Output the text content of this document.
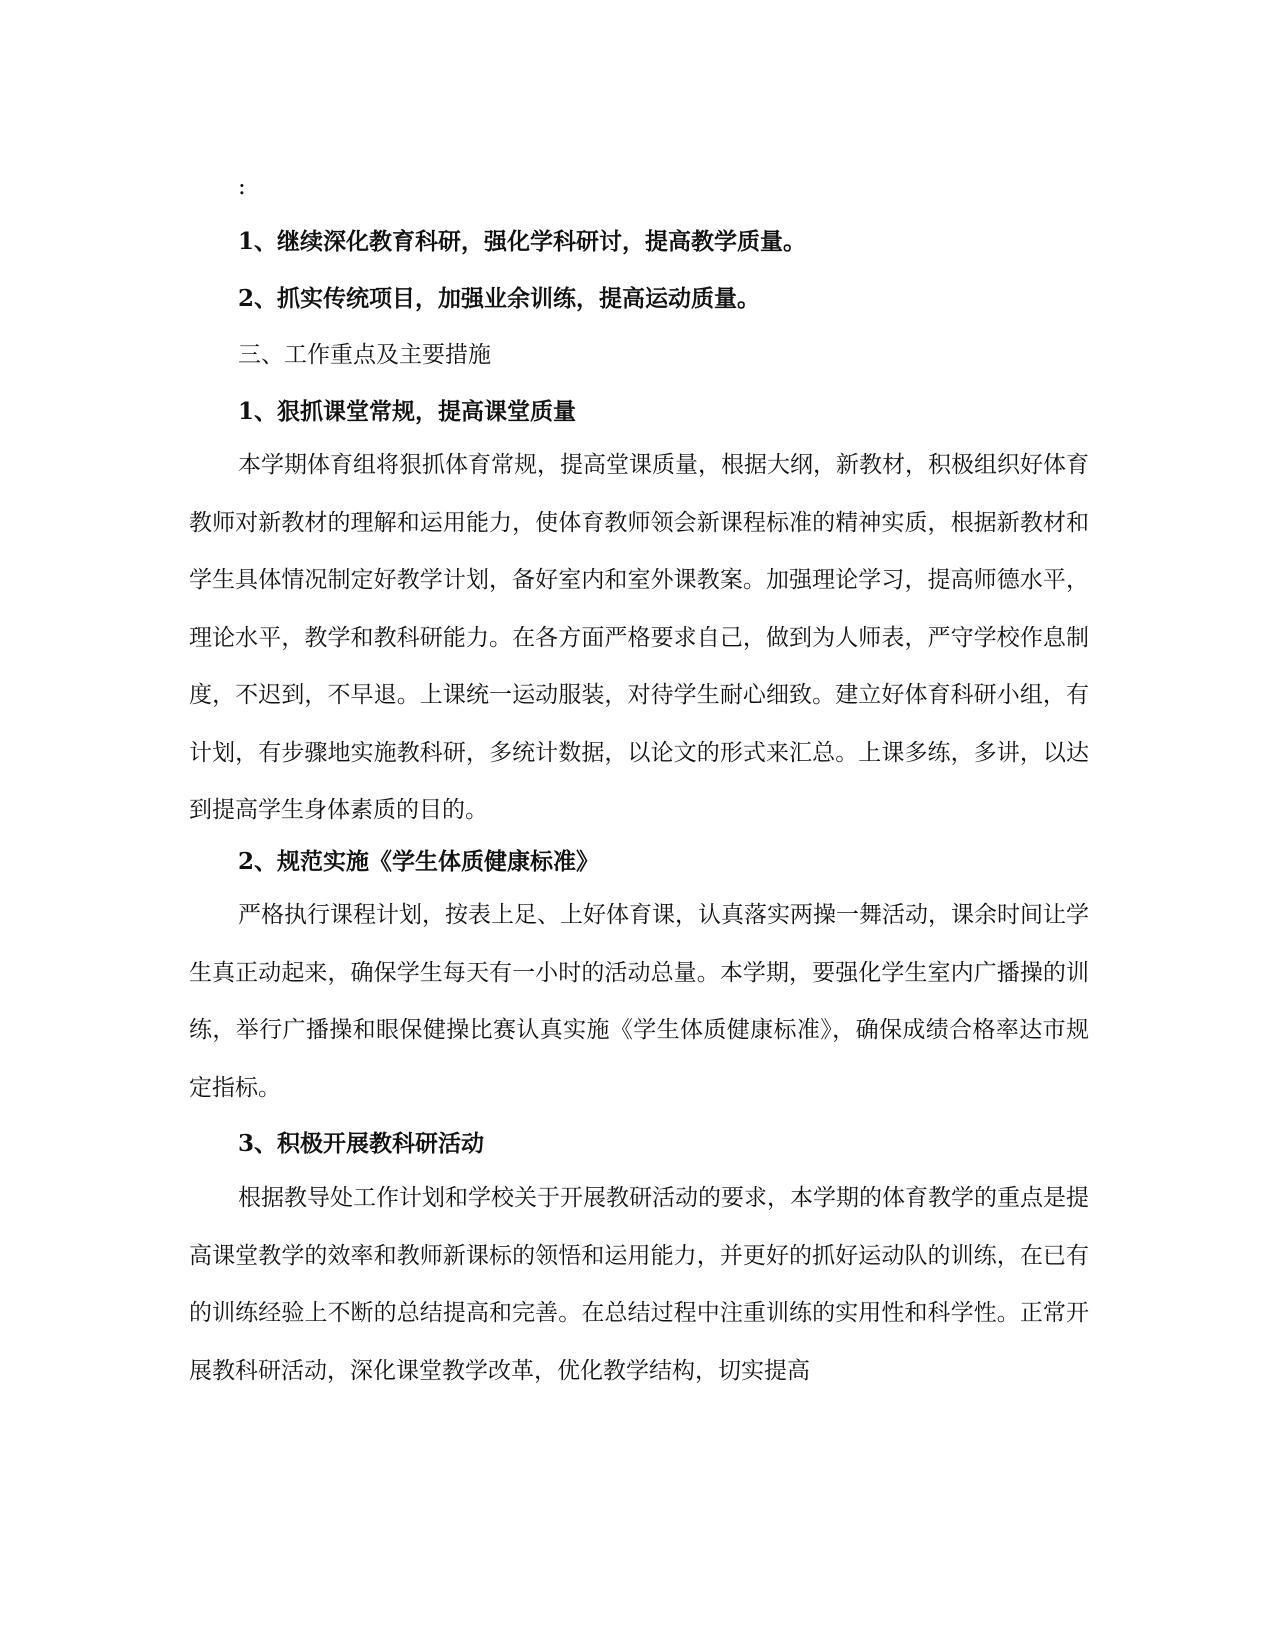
:

1、继续深化教育科研，强化学科研讨，提高教学质量。

2、抓实传统项目，加强业余训练，提高运动质量。

三、工作重点及主要措施

1、狠抓课堂常规，提高课堂质量

本学期体育组将狠抓体育常规，提高堂课质量，根据大纲，新教材，积极组织好体育教师对新教材的理解和运用能力，使体育教师领会新课程标准的精神实质，根据新教材和学生具体情况制定好教学计划，备好室内和室外课教案。加强理论学习，提高师德水平，理论水平，教学和教科研能力。在各方面严格要求自己，做到为人师表，严守学校作息制度，不迟到，不早退。上课统一运动服装，对待学生耐心细致。建立好体育科研小组，有计划，有步骤地实施教科研，多统计数据，以论文的形式来汇总。上课多练，多讲，以达到提高学生身体素质的目的。

2、规范实施《学生体质健康标准》

严格执行课程计划，按表上足、上好体育课，认真落实两操一舞活动，课余时间让学生真正动起来，确保学生每天有一小时的活动总量。本学期，要强化学生室内广播操的训练，举行广播操和眼保健操比赛认真实施《学生体质健康标准》，确保成绩合格率达市规定指标。

3、积极开展教科研活动

根据教导处工作计划和学校关于开展教研活动的要求，本学期的体育教学的重点是提高课堂教学的效率和教师新课标的领悟和运用能力，并更好的抓好运动队的训练，在已有的训练经验上不断的总结提高和完善。在总结过程中注重训练的实用性和科学性。正常开展教科研活动，深化课堂教学改革，优化教学结构，切实提高
